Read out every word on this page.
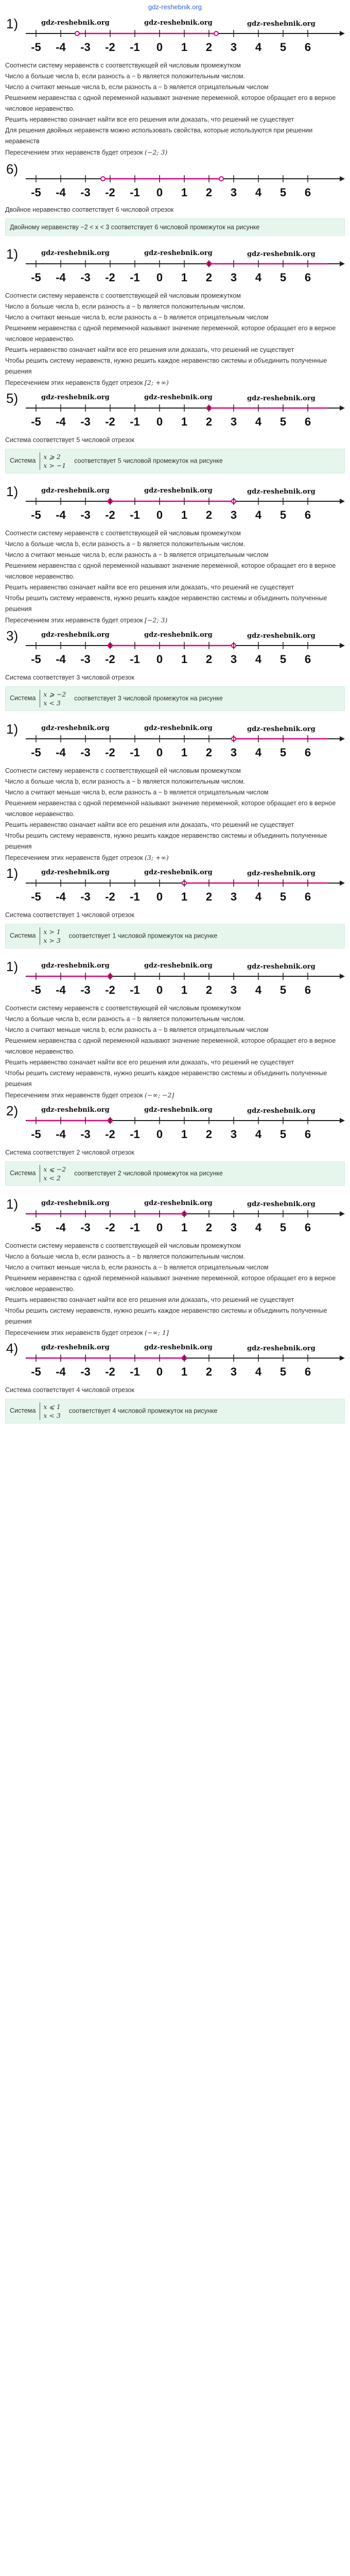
gdz-reshebnik.org
1)
-5 -4 -3 -2 -1 0 1 2 3 4 5 6
gdz-reshebnik.org	gdz-reshebnik.org	gdz-reshebnik.org

Соотнести систему неравенств с соответствующей ей числовым промежутком

Число a больше числа b, если разность a − b является положительным числом.

Число a считают меньше числа b, если разность a − b является отрицательным числом

Решением неравенства с одной переменной называют значение переменной, которое обращает его в верное числовое неравенство.

Решить неравенство означает найти все его решения или доказать, что решений не существует

Для решения двойных неравенств можно использовать свойства, которые используются при решении неравенств

Пересечением этих неравенств будет отрезок (−2; 3)

6)
-5 -4 -3 -2 -1 0 1 2 3 4 5 6

Двойное неравенство соответствует 6 числовой отрезок

Двойному неравенству −2 < x < 3 соответствует 6 числовой промежуток на рисунке
1)
-5 -4 -3 -2 -1 0 1 2 3 4 5 6
gdz-reshebnik.org	gdz-reshebnik.org	gdz-reshebnik.org

Соотнести систему неравенств с соответствующей ей числовым промежутком

Число a больше числа b, если разность a − b является положительным числом.

Число a считают меньше числа b, если разность a − b является отрицательным числом

Решением неравенства с одной переменной называют значение переменной, которое обращает его в верное числовое неравенство.

Решить неравенство означает найти все его решения или доказать, что решений не существует

Чтобы решить систему неравенств, нужно решить каждое неравенство системы и объединить полученные решения

Пересечением этих неравенств будет отрезок [2; +∞)

5)
-5 -4 -3 -2 -1 0 1 2 3 4 5 6
gdz-reshebnik.org	gdz-reshebnik.org	gdz-reshebnik.org

Система соответствует 5 числовой отрезок

Система
x ⩾ 2
x > −1
соответствует 5 числовой промежуток на рисунке
1)
-5 -4 -3 -2 -1 0 1 2 3 4 5 6
gdz-reshebnik.org	gdz-reshebnik.org	gdz-reshebnik.org

Соотнести систему неравенств с соответствующей ей числовым промежутком

Число a больше числа b, если разность a − b является положительным числом.

Число a считают меньше числа b, если разность a − b является отрицательным числом

Решением неравенства с одной переменной называют значение переменной, которое обращает его в верное числовое неравенство.

Решить неравенство означает найти все его решения или доказать, что решений не существует

Чтобы решить систему неравенств, нужно решить каждое неравенство системы и объединить полученные решения

Пересечением этих неравенств будет отрезок [−2; 3)

3)
-5 -4 -3 -2 -1 0 1 2 3 4 5 6
gdz-reshebnik.org	gdz-reshebnik.org	gdz-reshebnik.org

Система соответствует 3 числовой отрезок

Система
x ⩾ −2
x < 3
соответствует 3 числовой промежуток на рисунке
1)
-5 -4 -3 -2 -1 0 1 2 3 4 5 6
gdz-reshebnik.org	gdz-reshebnik.org	gdz-reshebnik.org

Соотнести систему неравенств с соответствующей ей числовым промежутком

Число a больше числа b, если разность a − b является положительным числом.

Число a считают меньше числа b, если разность a − b является отрицательным числом

Решением неравенства с одной переменной называют значение переменной, которое обращает его в верное числовое неравенство.

Решить неравенство означает найти все его решения или доказать, что решений не существует

Чтобы решить систему неравенств, нужно решить каждое неравенство системы и объединить полученные решения

Пересечением этих неравенств будет отрезок (3; +∞)

1)
-5 -4 -3 -2 -1 0 1 2 3 4 5 6
gdz-reshebnik.org	gdz-reshebnik.org	gdz-reshebnik.org

Система соответствует 1 числовой отрезок

Система
x > 1
x > 3
соответствует 1 числовой промежуток на рисунке
1)
-5 -4 -3 -2 -1 0 1 2 3 4 5 6
gdz-reshebnik.org	gdz-reshebnik.org	gdz-reshebnik.org

Соотнести систему неравенств с соответствующей ей числовым промежутком

Число a больше числа b, если разность a − b является положительным числом.

Число a считают меньше числа b, если разность a − b является отрицательным числом

Решением неравенства с одной переменной называют значение переменной, которое обращает его в верное числовое неравенство.

Решить неравенство означает найти все его решения или доказать, что решений не существует

Чтобы решить систему неравенств, нужно решить каждое неравенство системы и объединить полученные решения

Пересечением этих неравенств будет отрезок (−∞; −2]

2)
-5 -4 -3 -2 -1 0 1 2 3 4 5 6
gdz-reshebnik.org	gdz-reshebnik.org	gdz-reshebnik.org

Система соответствует 2 числовой отрезок

Система
x ⩽ −2
x < 2
соответствует 2 числовой промежуток на рисунке
1)
-5 -4 -3 -2 -1 0 1 2 3 4 5 6
gdz-reshebnik.org	gdz-reshebnik.org	gdz-reshebnik.org

Соотнести систему неравенств с соответствующей ей числовым промежутком

Число a больше числа b, если разность a − b является положительным числом.

Число a считают меньше числа b, если разность a − b является отрицательным числом

Решением неравенства с одной переменной называют значение переменной, которое обращает его в верное числовое неравенство.

Решить неравенство означает найти все его решения или доказать, что решений не существует

Чтобы решить систему неравенств, нужно решить каждое неравенство системы и объединить полученные решения

Пересечением этих неравенств будет отрезок (−∞; 1]

4)
-5 -4 -3 -2 -1 0 1 2 3 4 5 6
gdz-reshebnik.org	gdz-reshebnik.org	gdz-reshebnik.org

Система соответствует 4 числовой отрезок

Система
x ⩽ 1
x < 3
соответствует 4 числовой промежуток на рисунке
